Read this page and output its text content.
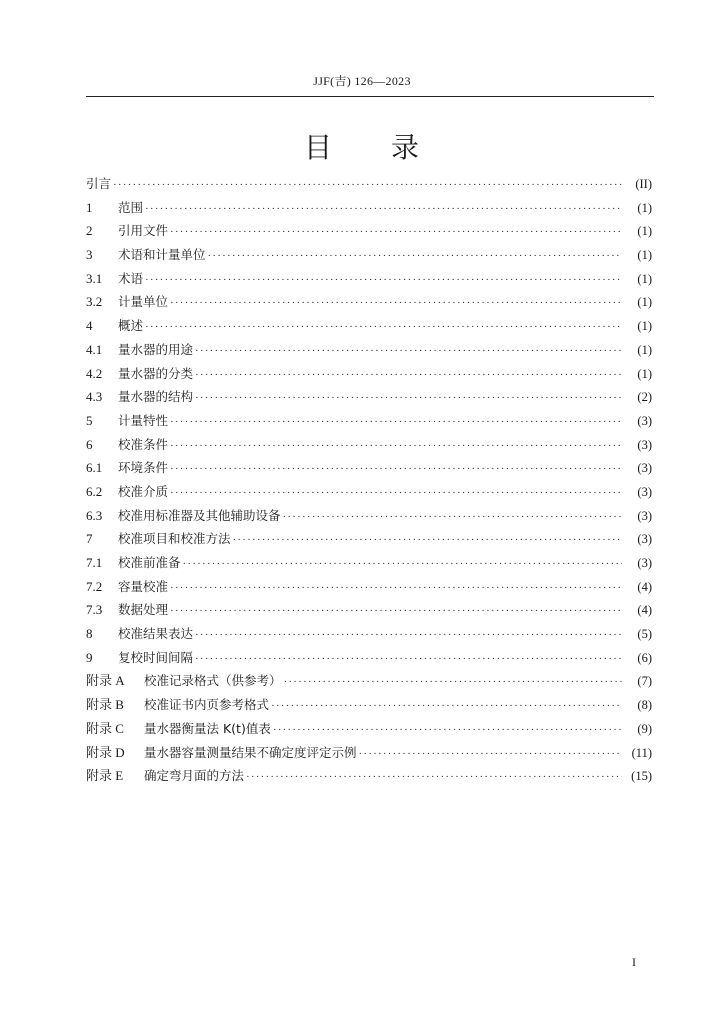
JJF(吉) 126—2023
目　　录
引言 ·····	(II)
1	范围 ·····	(1)
2	引用文件 ·····	(1)
3	术语和计量单位 ·····	(1)
3.1	术语 ·····	(1)
3.2	计量单位 ·····	(1)
4	概述 ·····	(1)
4.1	量水器的用途 ·····	(1)
4.2	量水器的分类 ·····	(1)
4.3	量水器的结构 ·····	(2)
5	计量特性 ·····	(3)
6	校准条件 ·····	(3)
6.1	环境条件 ·····	(3)
6.2	校准介质 ·····	(3)
6.3	校准用标准器及其他辅助设备 ·····	(3)
7	校准项目和校准方法 ·····	(3)
7.1	校准前准备 ·····	(3)
7.2	容量校准 ·····	(4)
7.3	数据处理 ·····	(4)
8	校准结果表达 ·····	(5)
9	复校时间间隔 ·····	(6)
附录 A	校准记录格式（供参考） ·····	(7)
附录 B	校准证书内页参考格式 ·····	(8)
附录 C	量水器衡量法 K(t)值表 ·····	(9)
附录 D	量水器容量测量结果不确定度评定示例 ·····	(11)
附录 E	确定弯月面的方法 ·····	(15)
I
